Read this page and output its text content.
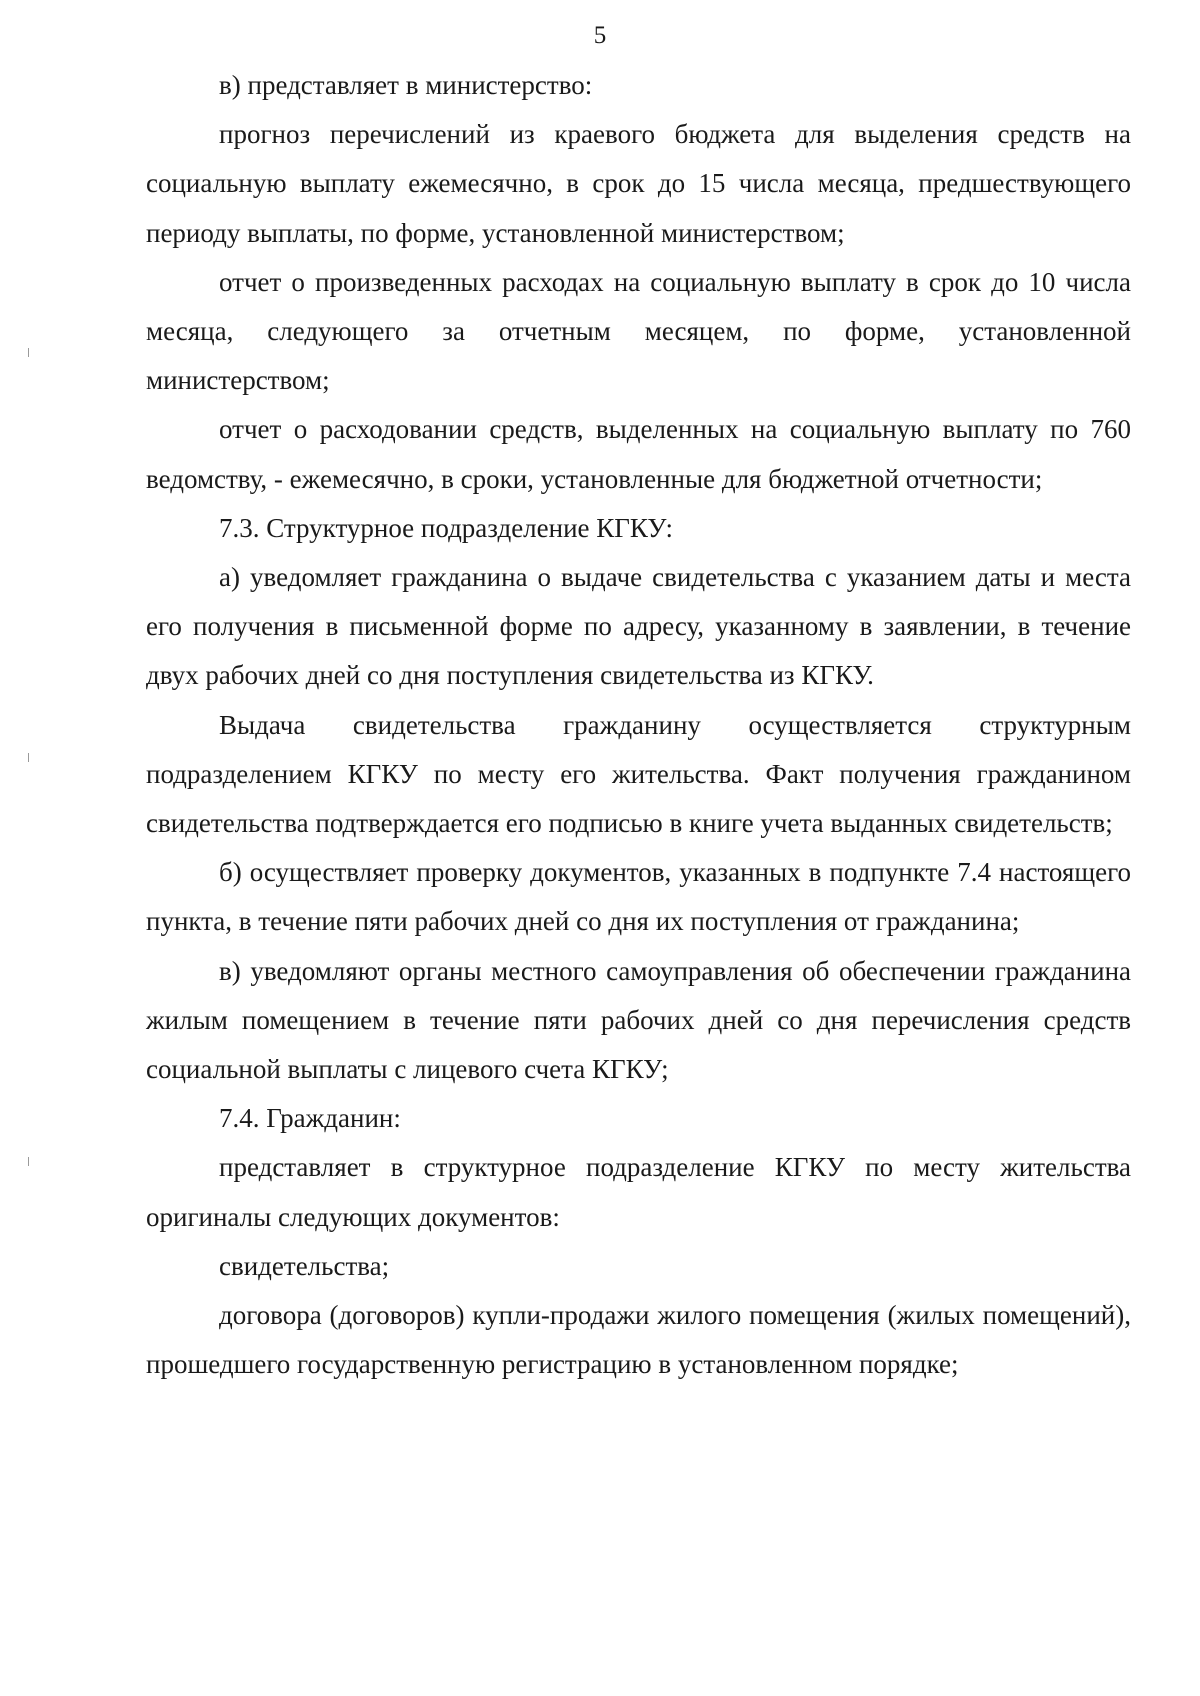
5

в) представляет в министерство:

прогноз перечислений из краевого бюджета для выделения средств на социальную выплату ежемесячно, в срок до 15 числа месяца, предшествующего периоду выплаты, по форме, установленной министерством;

отчет о произведенных расходах на социальную выплату в срок до 10 числа месяца, следующего за отчетным месяцем, по форме, установленной министерством;

отчет о расходовании средств, выделенных на социальную выплату по 760 ведомству, - ежемесячно, в сроки, установленные для бюджетной отчетности;

7.3. Структурное подразделение КГКУ:

а) уведомляет гражданина о выдаче свидетельства с указанием даты и места его получения в письменной форме по адресу, указанному в заявлении, в течение двух рабочих дней со дня поступления свидетельства из КГКУ.

Выдача свидетельства гражданину осуществляется структурным подразделением КГКУ по месту его жительства. Факт получения гражданином свидетельства подтверждается его подписью в книге учета выданных свидетельств;

б) осуществляет проверку документов, указанных в подпункте 7.4 настоящего пункта, в течение пяти рабочих дней со дня их поступления от гражданина;

в) уведомляют органы местного самоуправления об обеспечении гражданина жилым помещением в течение пяти рабочих дней со дня перечисления средств социальной выплаты с лицевого счета КГКУ;

7.4. Гражданин:

представляет в структурное подразделение КГКУ по месту жительства оригиналы следующих документов:

свидетельства;

договора (договоров) купли-продажи жилого помещения (жилых помещений), прошедшего государственную регистрацию в установленном порядке;
